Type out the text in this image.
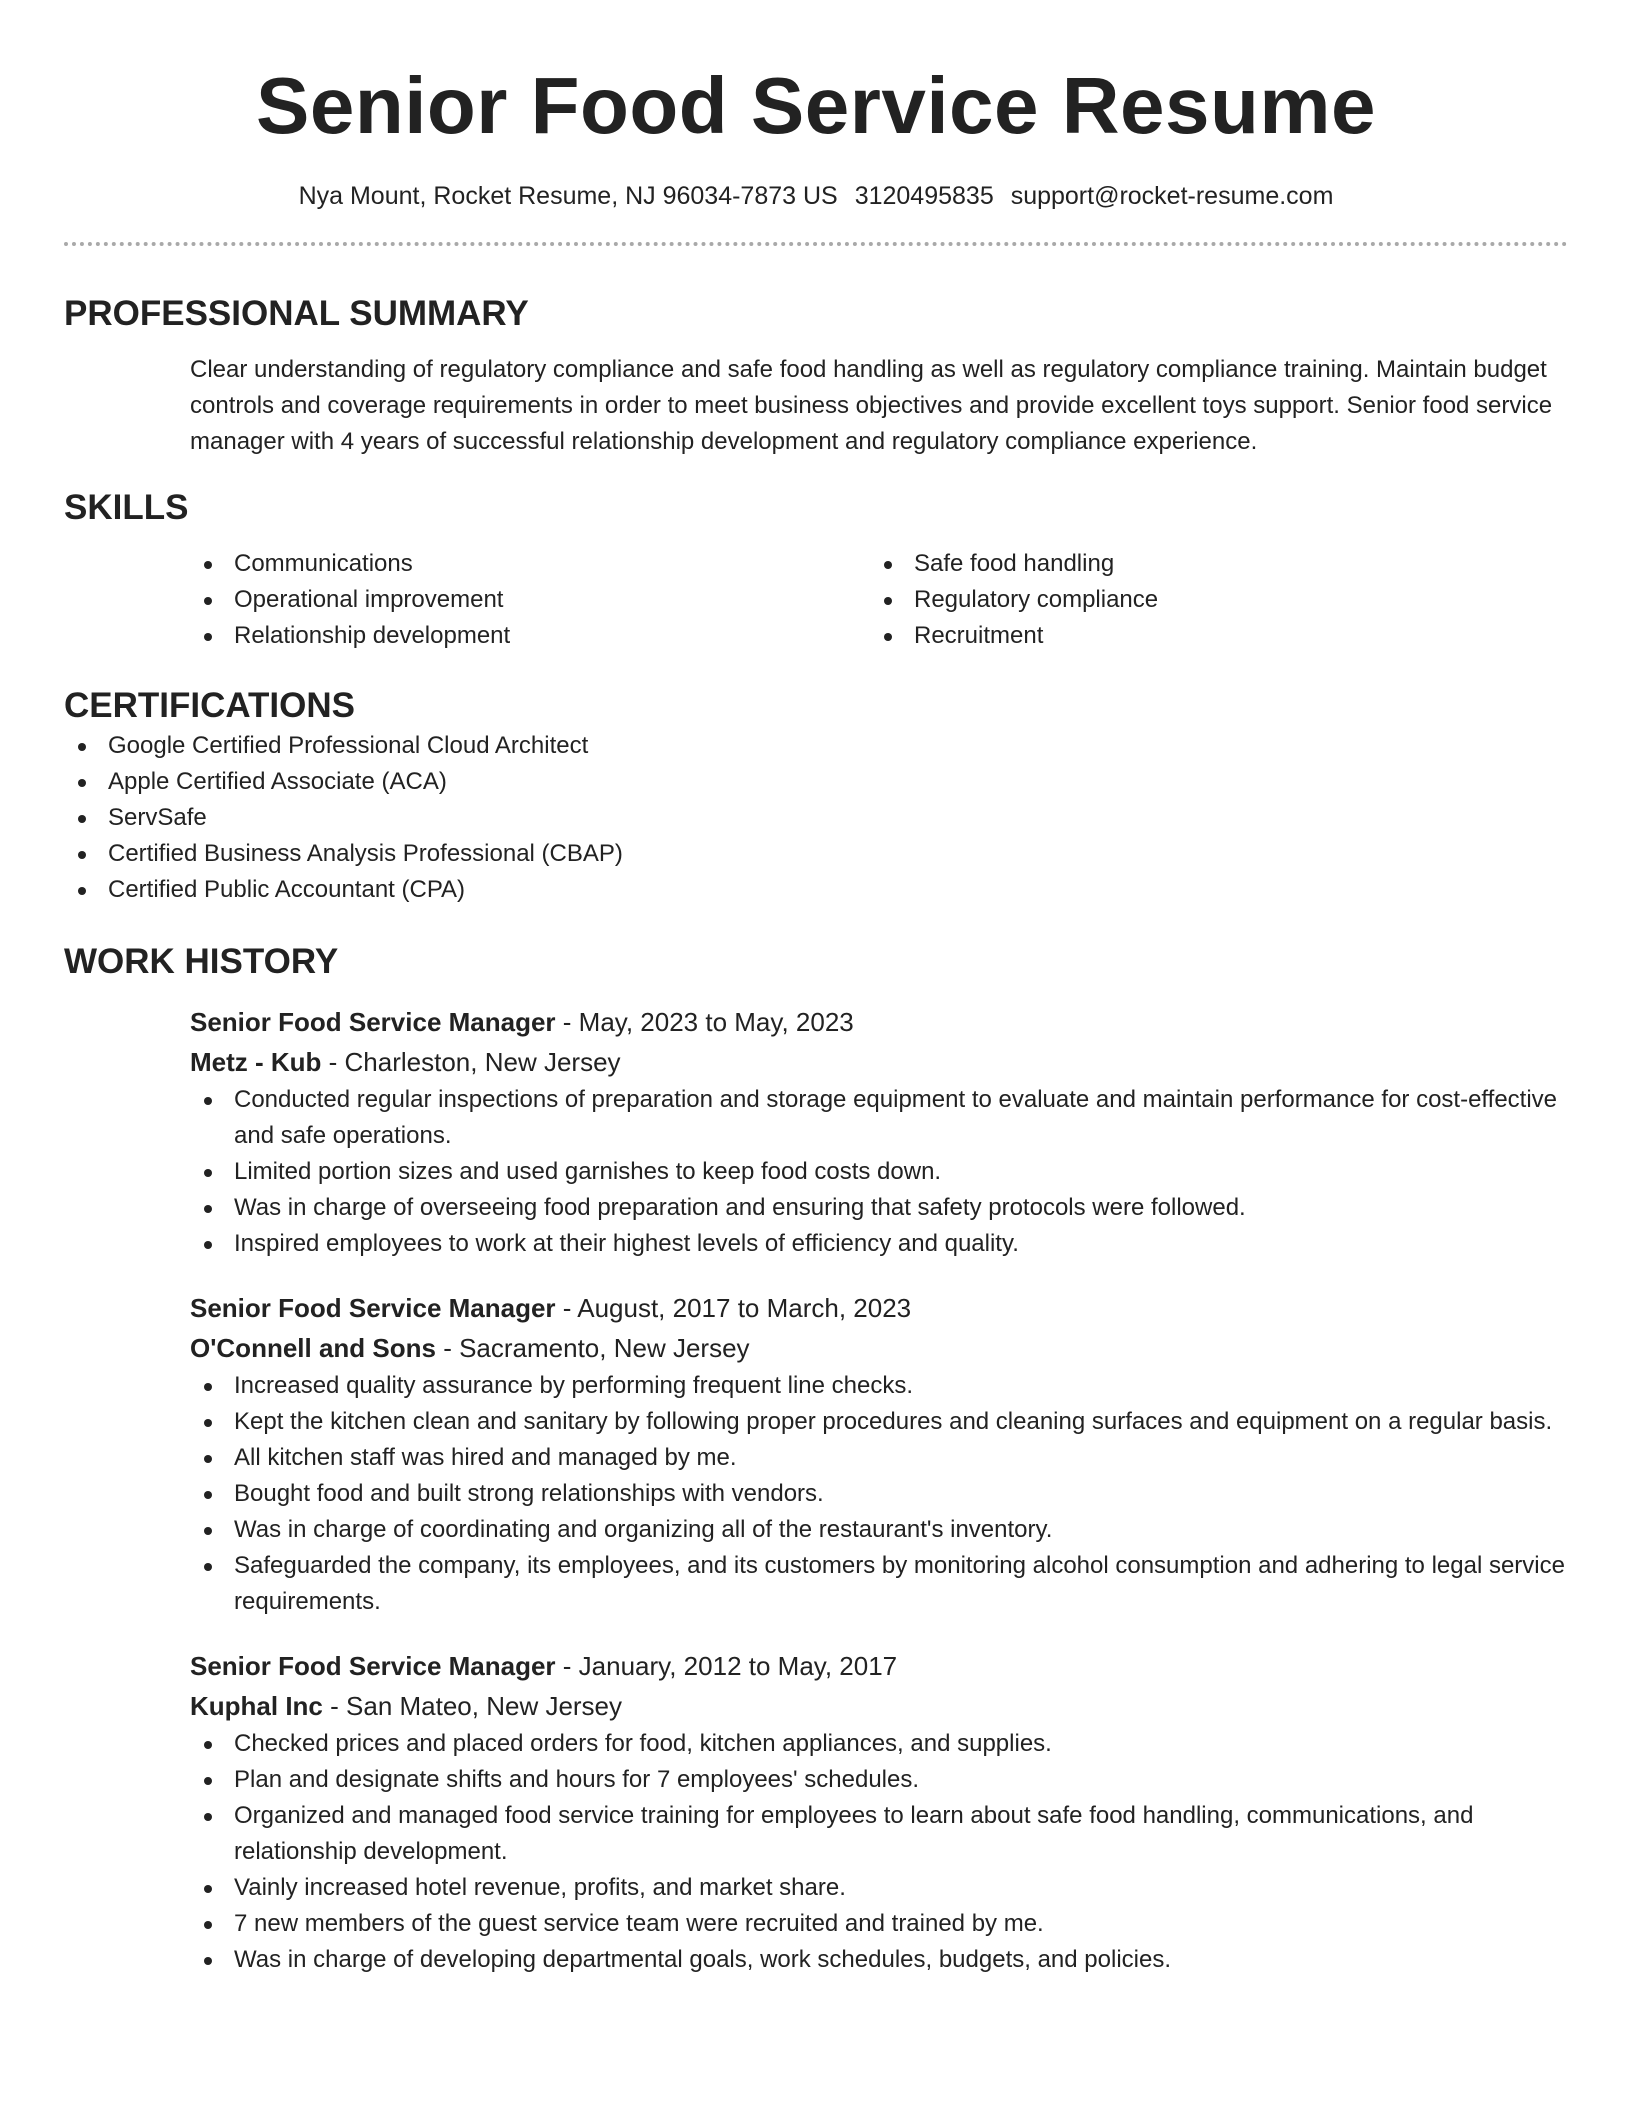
Senior Food Service Resume
Nya Mount, Rocket Resume, NJ 96034-7873 US 3120495835 support@rocket-resume.com
PROFESSIONAL SUMMARY

Clear understanding of regulatory compliance and safe food handling as well as regulatory compliance training. Maintain budget controls and coverage requirements in order to meet business objectives and provide excellent toys support. Senior food service manager with 4 years of successful relationship development and regulatory compliance experience.

SKILLS
Communications
Operational improvement
Relationship development
Safe food handling
Regulatory compliance
Recruitment
CERTIFICATIONS
Google Certified Professional Cloud Architect
Apple Certified Associate (ACA)
ServSafe
Certified Business Analysis Professional (CBAP)
Certified Public Accountant (CPA)
WORK HISTORY
Senior Food Service Manager - May, 2023 to May, 2023
Metz - Kub - Charleston, New Jersey
Conducted regular inspections of preparation and storage equipment to evaluate and maintain performance for cost-effective and safe operations.
Limited portion sizes and used garnishes to keep food costs down.
Was in charge of overseeing food preparation and ensuring that safety protocols were followed.
Inspired employees to work at their highest levels of efficiency and quality.
Senior Food Service Manager - August, 2017 to March, 2023
O'Connell and Sons - Sacramento, New Jersey
Increased quality assurance by performing frequent line checks.
Kept the kitchen clean and sanitary by following proper procedures and cleaning surfaces and equipment on a regular basis.
All kitchen staff was hired and managed by me.
Bought food and built strong relationships with vendors.
Was in charge of coordinating and organizing all of the restaurant's inventory.
Safeguarded the company, its employees, and its customers by monitoring alcohol consumption and adhering to legal service requirements.
Senior Food Service Manager - January, 2012 to May, 2017
Kuphal Inc - San Mateo, New Jersey
Checked prices and placed orders for food, kitchen appliances, and supplies.
Plan and designate shifts and hours for 7 employees' schedules.
Organized and managed food service training for employees to learn about safe food handling, communications, and relationship development.
Vainly increased hotel revenue, profits, and market share.
7 new members of the guest service team were recruited and trained by me.
Was in charge of developing departmental goals, work schedules, budgets, and policies.
